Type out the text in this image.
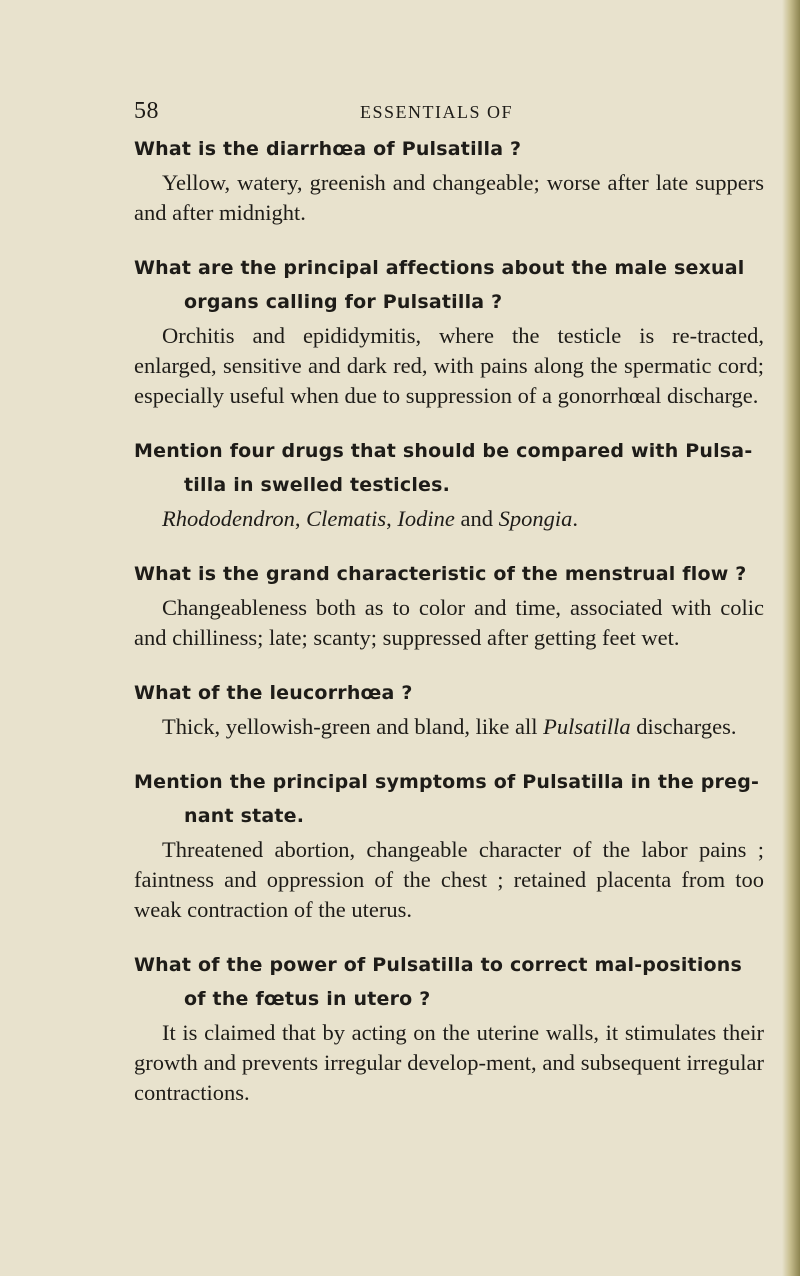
58	ESSENTIALS OF

What is the diarrhœa of Pulsatilla ?

Yellow, watery, greenish and changeable; worse after late suppers and after midnight.

What are the principal affections about the male sexual organs calling for Pulsatilla ?

Orchitis and epididymitis, where the testicle is re-tracted, enlarged, sensitive and dark red, with pains along the spermatic cord; especially useful when due to suppression of a gonorrhœal discharge.

Mention four drugs that should be compared with Pulsa-tilla in swelled testicles.

Rhododendron, Clematis, Iodine and Spongia.

What is the grand characteristic of the menstrual flow ?

Changeableness both as to color and time, associated with colic and chilliness; late; scanty; suppressed after getting feet wet.

What of the leucorrhœa ?

Thick, yellowish-green and bland, like all Pulsatilla discharges.

Mention the principal symptoms of Pulsatilla in the preg-nant state.

Threatened abortion, changeable character of the labor pains ; faintness and oppression of the chest ; retained placenta from too weak contraction of the uterus.

What of the power of Pulsatilla to correct mal-positions of the fœtus in utero ?

It is claimed that by acting on the uterine walls, it stimulates their growth and prevents irregular develop-ment, and subsequent irregular contractions.
